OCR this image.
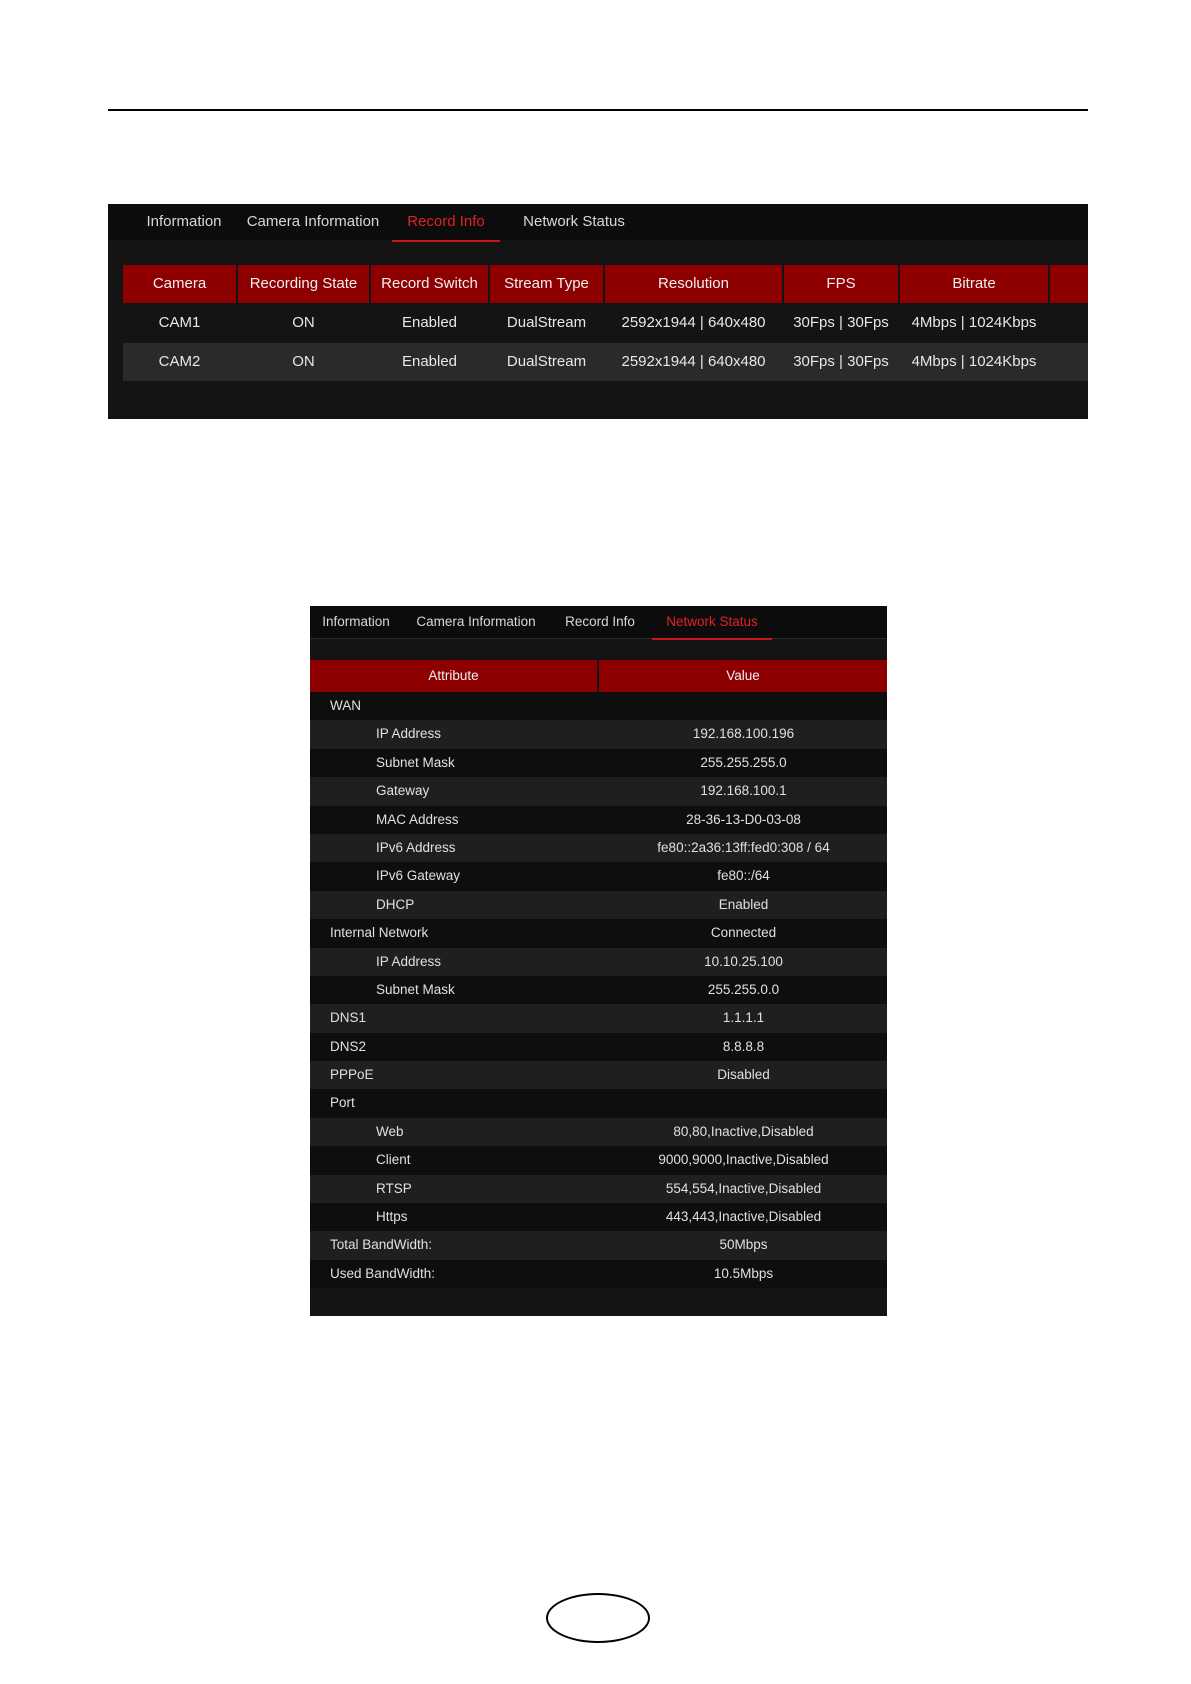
Information	Camera Information	Record Info	Network Status
Camera	Recording State	Record Switch	Stream Type	Resolution	FPS	Bitrate
CAM1	ON	Enabled	DualStream	2592x1944 | 640x480	30Fps | 30Fps	4Mbps | 1024Kbps
CAM2	ON	Enabled	DualStream	2592x1944 | 640x480	30Fps | 30Fps	4Mbps | 1024Kbps
Information	Camera Information	Record Info	Network Status
Attribute	Value
WAN
IP Address	192.168.100.196
Subnet Mask	255.255.255.0
Gateway	192.168.100.1
MAC Address	28-36-13-D0-03-08
IPv6 Address	fe80::2a36:13ff:fed0:308 / 64
IPv6 Gateway	fe80::/64
DHCP	Enabled
Internal Network	Connected
IP Address	10.10.25.100
Subnet Mask	255.255.0.0
DNS1	1.1.1.1
DNS2	8.8.8.8
PPPoE	Disabled
Port
Web	80,80,Inactive,Disabled
Client	9000,9000,Inactive,Disabled
RTSP	554,554,Inactive,Disabled
Https	443,443,Inactive,Disabled
Total BandWidth:	50Mbps
Used BandWidth:	10.5Mbps
